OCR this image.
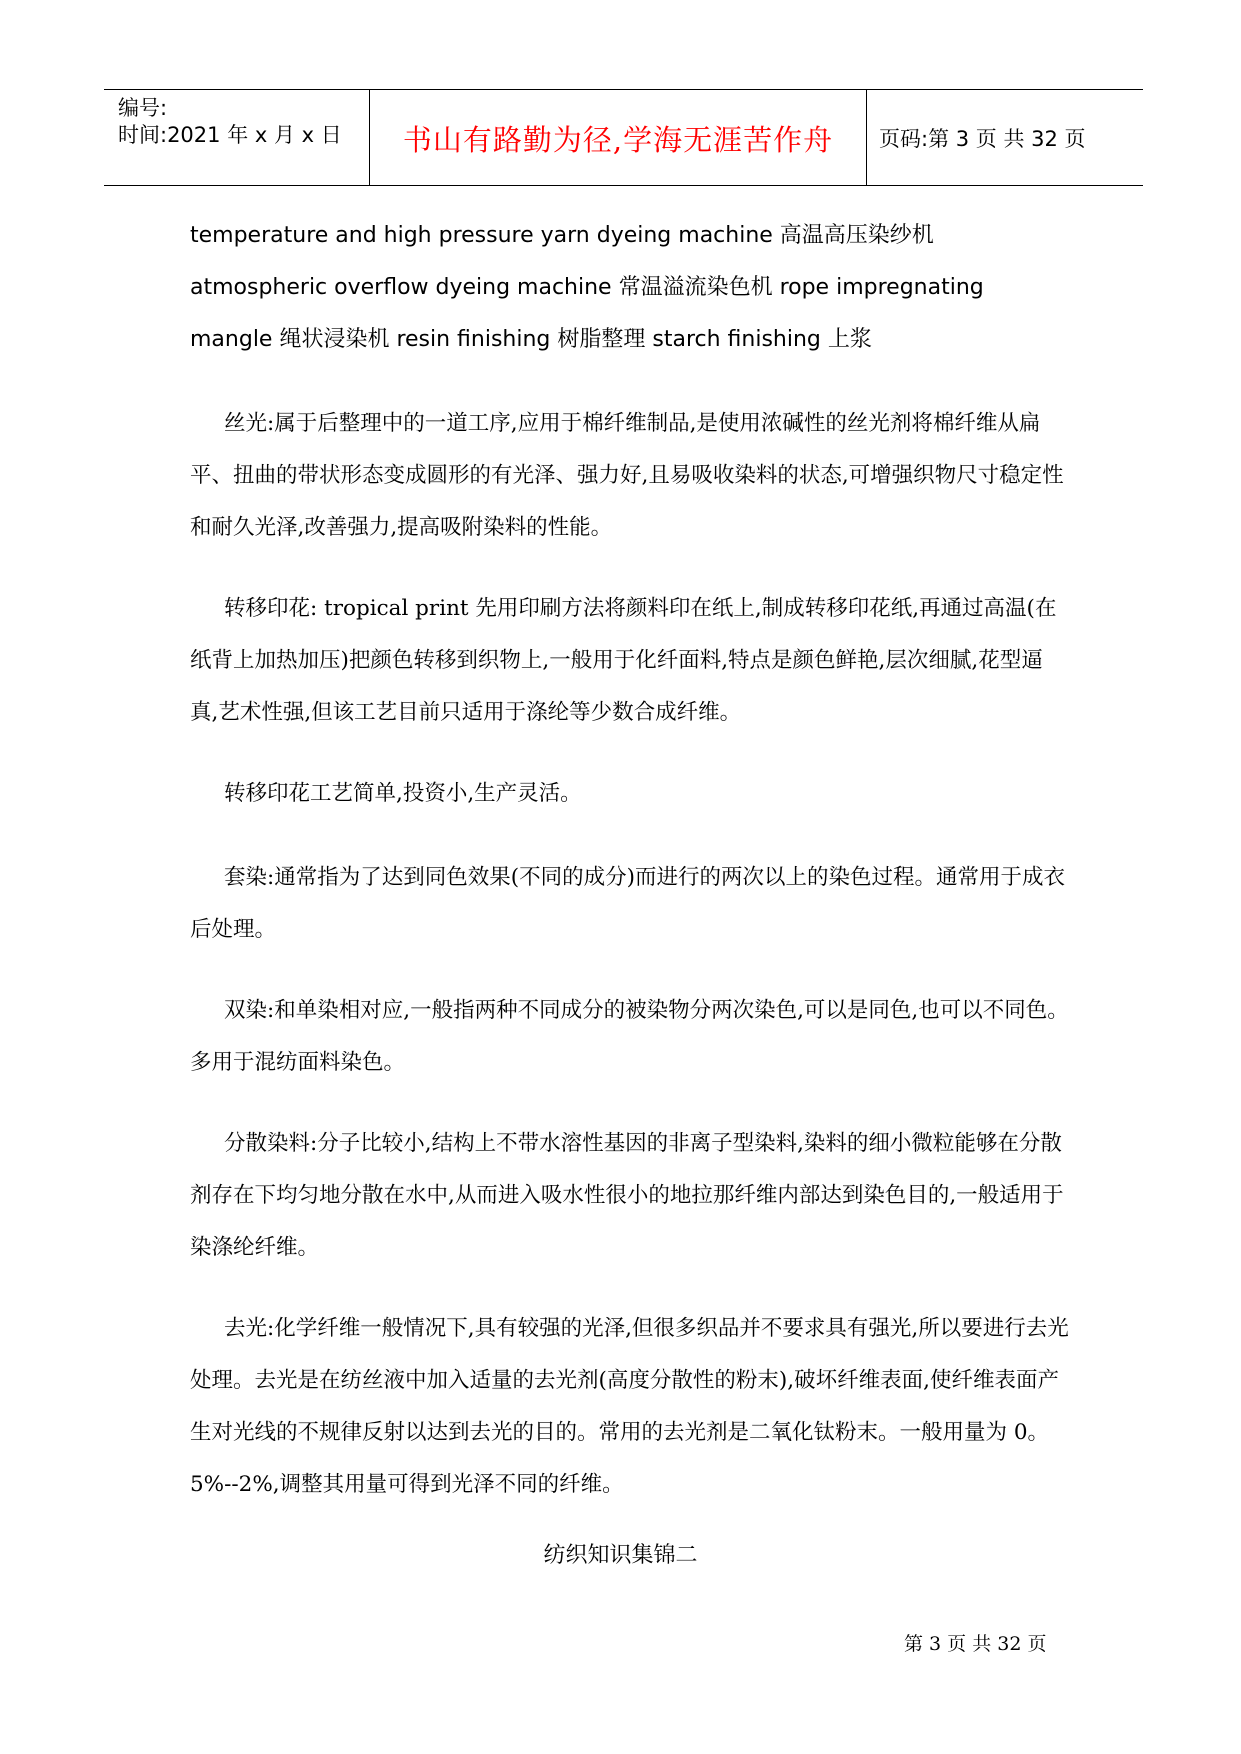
编号:
时间:2021 年 x 月 x 日	书山有路勤为径,学海无涯苦作舟	页码:第 3 页 共 32 页
temperature and high pressure yarn dyeing machine 高温高压染纱机
atmospheric overflow dyeing machine 常温溢流染色机 rope impregnating
mangle 绳状浸染机 resin finishing 树脂整理 starch finishing 上浆

丝光:属于后整理中的一道工序,应用于棉纤维制品,是使用浓碱性的丝光剂将棉纤维从扁平、扭曲的带状形态变成圆形的有光泽、强力好,且易吸收染料的状态,可增强织物尺寸稳定性和耐久光泽,改善强力,提高吸附染料的性能。

转移印花: tropical print 先用印刷方法将颜料印在纸上,制成转移印花纸,再通过高温(在纸背上加热加压)把颜色转移到织物上,一般用于化纤面料,特点是颜色鲜艳,层次细腻,花型逼真,艺术性强,但该工艺目前只适用于涤纶等少数合成纤维。

转移印花工艺简单,投资小,生产灵活。

套染:通常指为了达到同色效果(不同的成分)而进行的两次以上的染色过程。通常用于成衣后处理。

双染:和单染相对应,一般指两种不同成分的被染物分两次染色,可以是同色,也可以不同色。多用于混纺面料染色。

分散染料:分子比较小,结构上不带水溶性基因的非离子型染料,染料的细小微粒能够在分散剂存在下均匀地分散在水中,从而进入吸水性很小的地拉那纤维内部达到染色目的,一般适用于染涤纶纤维。

去光:化学纤维一般情况下,具有较强的光泽,但很多织品并不要求具有强光,所以要进行去光处理。去光是在纺丝液中加入适量的去光剂(高度分散性的粉末),破坏纤维表面,使纤维表面产生对光线的不规律反射以达到去光的目的。常用的去光剂是二氧化钛粉末。一般用量为 0。5%--2%,调整其用量可得到光泽不同的纤维。

纺织知识集锦二
第 3 页 共 32 页
